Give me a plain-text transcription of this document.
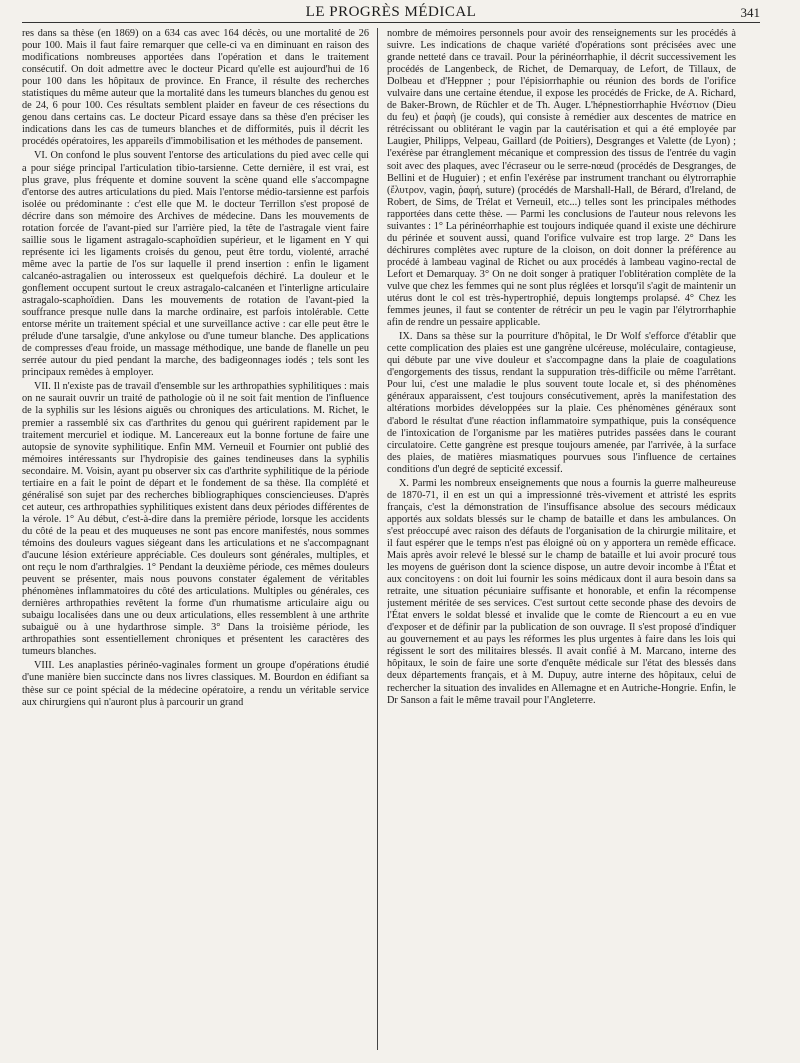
LE PROGRÈS MÉDICAL	341

res dans sa thèse (en 1869) on a 634 cas avec 164 décès, ou une mortalité de 26 pour 100. Mais il faut faire remarquer que celle-ci va en diminuant en raison des modifications nombreuses apportées dans l'opération et dans le traitement consécutif. On doit admettre avec le docteur Picard qu'elle est aujourd'hui de 16 pour 100 dans les hôpitaux de province. En France, il résulte des recherches statistiques du même auteur que la mortalité dans les tumeurs blanches du genou est de 24, 6 pour 100. Ces résultats semblent plaider en faveur de ces résections du genou dans certains cas. Le docteur Picard essaye dans sa thèse d'en préciser les indications dans les cas de tumeurs blanches et de difformités, puis il décrit les procédés opératoires, les appareils d'immobilisation et les méthodes de pansement.

VI. On confond le plus souvent l'entorse des articulations du pied avec celle qui a pour siége principal l'articulation tibio-tarsienne. Cette dernière, il est vrai, est plus grave, plus fréquente et domine souvent la scène quand elle s'accompagne d'entorse des autres articulations du pied. Mais l'entorse médio-tarsienne est parfois isolée ou prédominante : c'est elle que M. le docteur Terrillon s'est proposé de décrire dans son mémoire des Archives de médecine. Dans les mouvements de rotation forcée de l'avant-pied sur l'arrière pied, la tête de l'astragale vient faire saillie sous le ligament astragalo-scaphoïdien supérieur, et le ligament en Y qui représente ici les ligaments croisés du genou, peut être tordu, violenté, arraché même avec la partie de l'os sur laquelle il prend insertion : enfin le ligament calcanéo-astragalien ou interosseux est quelquefois déchiré. La douleur et le gonflement occupent surtout le creux astragalo-calcanéen et l'interligne articulaire astragalo-scaphoïdien. Dans les mouvements de rotation de l'avant-pied la souffrance presque nulle dans la marche ordinaire, est parfois intolérable. Cette entorse mérite un traitement spécial et une surveillance active : car elle peut être le prélude d'une tarsalgie, d'une ankylose ou d'une tumeur blanche. Des applications de compresses d'eau froide, un massage méthodique, une bande de flanelle un peu serrée autour du pied pendant la marche, des badigeonnages iodés ; tels sont les principaux remèdes à employer.

VII. Il n'existe pas de travail d'ensemble sur les arthropathies syphilitiques : mais on ne saurait ouvrir un traité de pathologie où il ne soit fait mention de l'influence de la syphilis sur les lésions aiguës ou chroniques des articulations. M. Richet, le premier a rassemblé six cas d'arthrites du genou qui guérirent rapidement par le traitement mercuriel et iodique. M. Lancereaux eut la bonne fortune de faire une autopsie de synovite syphilitique. Enfin MM. Verneuil et Fournier ont publié des mémoires intéressants sur l'hydropisie des gaines tendineuses dans la syphilis secondaire. M. Voisin, ayant pu observer six cas d'arthrite syphilitique de la période tertiaire en a fait le point de départ et le fondement de sa thèse. Ila complété et généralisé son sujet par des recherches bibliographiques consciencieuses. D'après cet auteur, ces arthropathies syphilitiques existent dans deux périodes différentes de la vérole. 1° Au début, c'est-à-dire dans la première période, lorsque les accidents du côté de la peau et des muqueuses ne sont pas encore manifestés, nous sommes témoins des douleurs vagues siégeant dans les articulations et ne s'accompagnant d'aucune lésion extérieure appréciable. Ces douleurs sont générales, multiples, et ont reçu le nom d'arthralgies. 1° Pendant la deuxième période, ces mêmes douleurs peuvent se présenter, mais nous pouvons constater également de véritables phénomènes inflammatoires du côté des articulations. Multiples ou générales, ces dernières arthropathies revêtent la forme d'un rhumatisme articulaire aigu ou subaigu localisées dans une ou deux articulations, elles ressemblent à une arthrite subaiguë ou à une hydarthrose simple. 3° Dans la troisième période, les arthropathies sont essentiellement chroniques et présentent les caractères des tumeurs blanches.

VIII. Les anaplasties périnéo-vaginales forment un groupe d'opérations étudié d'une manière bien succincte dans nos livres classiques. M. Bourdon en édifiant sa thèse sur ce point spécial de la médecine opératoire, a rendu un véritable service aux chirurgiens qui n'auront plus à parcourir un grand

nombre de mémoires personnels pour avoir des renseignements sur les procédés à suivre. Les indications de chaque variété d'opérations sont précisées avec une grande netteté dans ce travail. Pour la périnéorrhaphie, il décrit successivement les procédés de Langenbeck, de Richet, de Demarquay, de Lefort, de Tillaux, de Dolbeau et d'Heppner ; pour l'épisiorrhaphie ou réunion des bords de l'orifice vulvaire dans une certaine étendue, il expose les procédés de Fricke, de A. Richard, de Baker-Brown, de Rüchler et de Th. Auger. L'hépnestiorrhaphie Ηνέστιον (Dieu du feu) et ῥαφὴ (je couds), qui consiste à remédier aux descentes de matrice en rétrécissant ou oblitérant le vagin par la cautérisation et qui a été employée par Laugier, Philipps, Velpeau, Gaillard (de Poitiers), Desgranges et Valette (de Lyon) ; l'exérèse par étranglement mécanique et compression des tissus de l'entrée du vagin soit avec des plaques, avec l'écraseur ou le serre-nœud (procédés de Desgranges, de Bellini et de Huguier) ; et enfin l'exérèse par instrument tranchant ou élytrorraphie (ἔλυτρον, vagin, ῥαφή, suture) (procédés de Marshall-Hall, de Bérard, d'Ireland, de Robert, de Sims, de Trélat et Verneuil, etc...) telles sont les principales méthodes rapportées dans cette thèse. — Parmi les conclusions de l'auteur nous relevons les suivantes : 1° La périnéorrhaphie est toujours indiquée quand il existe une déchirure du périnée et souvent aussi, quand l'orifice vulvaire est trop large. 2° Dans les déchirures complètes avec rupture de la cloison, on doit donner la préférence au procédé à lambeau vaginal de Richet ou aux procédés à lambeau vagino-rectal de Lefort et Demarquay. 3° On ne doit songer à pratiquer l'oblitération complète de la vulve que chez les femmes qui ne sont plus réglées et lorsqu'il s'agit de maintenir un utérus dont le col est très-hypertrophié, depuis longtemps prolapsé. 4° Chez les femmes jeunes, il faut se contenter de rétrécir un peu le vagin par l'élytrorrhaphie afin de rendre un pessaire applicable.

IX. Dans sa thèse sur la pourriture d'hôpital, le Dr Wolf s'efforce d'établir que cette complication des plaies est une gangrène ulcéreuse, moléculaire, contagieuse, qui débute par une vive douleur et s'accompagne dans la plaie de coagulations d'engorgements des tissus, rendant la suppuration très-difficile ou même l'arrêtant. Pour lui, c'est une maladie le plus souvent toute locale et, si des phénomènes généraux apparaissent, c'est toujours consécutivement, après la manifestation des altérations morbides développées sur la plaie. Ces phénomènes généraux sont d'abord le résultat d'une réaction inflammatoire sympathique, puis la conséquence de l'intoxication de l'organisme par les matières putrides passées dans le courant circulatoire. Cette gangrène est presque toujours amenée, par l'arrivée, à la surface des plaies, de matières miasmatiques pourvues sous l'influence de certaines conditions d'un degré de septicité excessif.

X. Parmi les nombreux enseignements que nous a fournis la guerre malheureuse de 1870-71, il en est un qui a impressionné très-vivement et attristé les esprits français, c'est la démonstration de l'insuffisance absolue des secours médicaux apportés aux soldats blessés sur le champ de bataille et dans les ambulances. On s'est préoccupé avec raison des défauts de l'organisation de la chirurgie militaire, et il faut espérer que le temps n'est pas éloigné où on y apportera un remède efficace. Mais après avoir relevé le blessé sur le champ de bataille et lui avoir procuré tous les moyens de guérison dont la science dispose, un autre devoir incombe à l'État et aux concitoyens : on doit lui fournir les soins médicaux dont il aura besoin dans sa retraite, une situation pécuniaire suffisante et honorable, et enfin la récompense justement méritée de ses services. C'est surtout cette seconde phase des devoirs de l'État envers le soldat blessé et invalide que le comte de Riencourt a eu en vue d'exposer et de définir par la publication de son ouvrage. Il s'est proposé d'indiquer au gouvernement et au pays les réformes les plus urgentes à faire dans les lois qui régissent le sort des militaires blessés. Il avait confié à M. Marcano, interne des hôpitaux, le soin de faire une sorte d'enquête médicale sur l'état des blessés dans deux départements français, et à M. Dupuy, autre interne des hôpitaux, celui de rechercher la situation des invalides en Allemagne et en Autriche-Hongrie. Enfin, le Dr Sanson a fait le même travail pour l'Angleterre.
